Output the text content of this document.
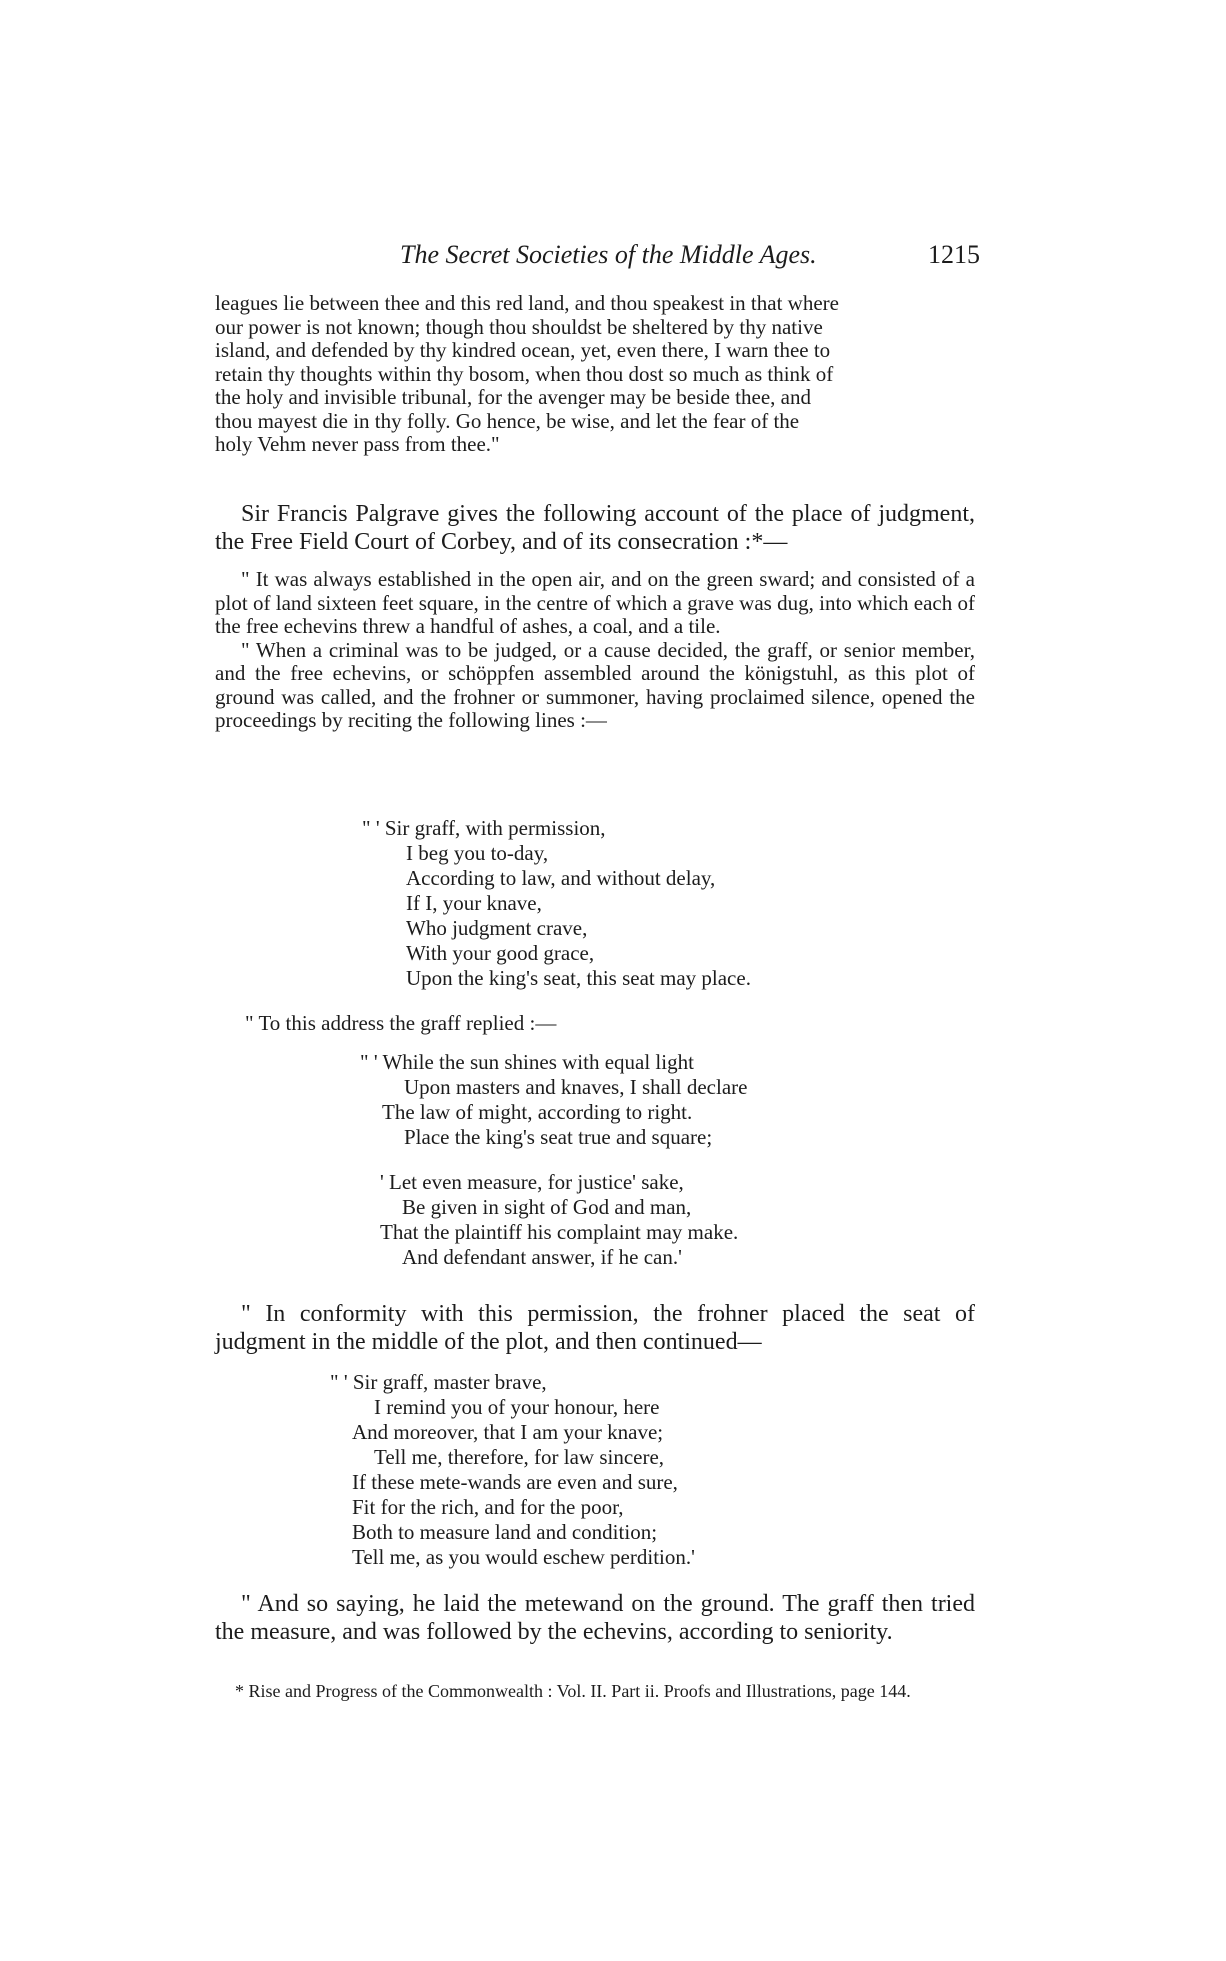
The Secret Societies of the Middle Ages.	1215
leagues lie between thee and this red land, and thou speakest in that where
our power is not known; though thou shouldst be sheltered by thy native
island, and defended by thy kindred ocean, yet, even there, I warn thee to
retain thy thoughts within thy bosom, when thou dost so much as think of
the holy and invisible tribunal, for the avenger may be beside thee, and
thou mayest die in thy folly. Go hence, be wise, and let the fear of the
holy Vehm never pass from thee."

Sir Francis Palgrave gives the following account of the place of judgment, the Free Field Court of Corbey, and of its consecration :*—

" It was always established in the open air, and on the green sward; and consisted of a plot of land sixteen feet square, in the centre of which a grave was dug, into which each of the free echevins threw a handful of ashes, a coal, and a tile.

" When a criminal was to be judged, or a cause decided, the graff, or senior member, and the free echevins, or schöppfen assembled around the königstuhl, as this plot of ground was called, and the frohner or summoner, having proclaimed silence, opened the proceedings by reciting the following lines :—

" ' Sir graff, with permission,
I beg you to-day,
According to law, and without delay,
If I, your knave,
Who judgment crave,
With your good grace,
Upon the king's seat, this seat may place.

" To this address the graff replied :—

" ' While the sun shines with equal light
Upon masters and knaves, I shall declare
The law of might, according to right.
Place the king's seat true and square;
' Let even measure, for justice' sake,
Be given in sight of God and man,
That the plaintiff his complaint may make.
And defendant answer, if he can.'

" In conformity with this permission, the frohner placed the seat of judgment in the middle of the plot, and then continued—

" ' Sir graff, master brave,
I remind you of your honour, here
And moreover, that I am your knave;
Tell me, therefore, for law sincere,
If these mete-wands are even and sure,
Fit for the rich, and for the poor,
Both to measure land and condition;
Tell me, as you would eschew perdition.'

" And so saying, he laid the metewand on the ground. The graff then tried the measure, and was followed by the echevins, according to seniority.

* Rise and Progress of the Commonwealth : Vol. II. Part ii. Proofs and Illustrations, page 144.
